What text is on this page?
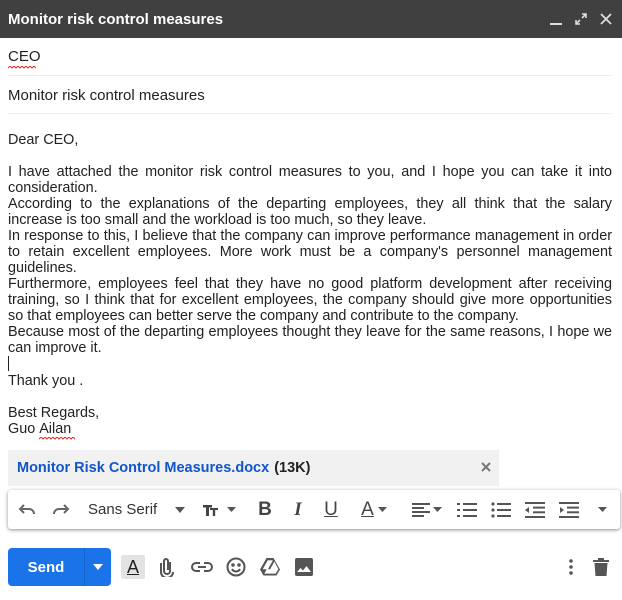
Monitor risk control measures
CEO
Monitor risk control measures

Dear CEO,

I have attached the monitor risk control measures to you, and I hope you can take it into consideration.

According to the explanations of the departing employees, they all think that the salary increase is too small and the workload is too much, so they leave.

In response to this, I believe that the company can improve performance management in order to retain excellent employees. More work must be a company's personnel management guidelines.

Furthermore, employees feel that they have no good platform development after receiving training, so I think that for excellent employees, the company should give more opportunities so that employees can better serve the company and contribute to the company.

Because most of the departing employees thought they leave for the same reasons, I hope we can improve it.

Thank you .

Best Regards,

Guo Ailan

Monitor Risk Control Measures.docx (13K)
Sans Serif	B	I	U A
Send	A
